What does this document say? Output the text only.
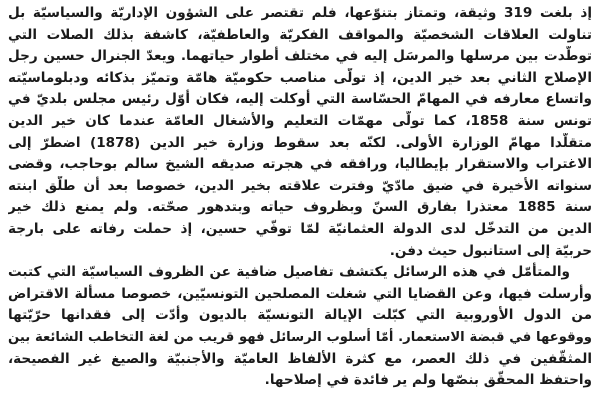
إذ بلغت 319 وثيقة، وتمتاز بتنوّعها، فلم تقتصر على الشؤون الإداريّة والسياسيّة بل
تناولت العلاقات الشخصيّة والمواقف الفكريّة والعاطفيّة، كاشفة بذلك الصلات التي
توطّدت بين مرسلها والمرسَل إليه في مختلف أطوار حياتهما. ويعدّ الجنرال حسين رجل
الإصلاح الثاني بعد خير الدين، إذ تولّى مناصب حكوميّة هامّة وتميّز بذكائه ودبلوماسيّته
واتساع معارفه في المهامّ الحسّاسة التي أوكلت إليه، فكان أوّل رئيس مجلس بلديّ في
تونس سنة 1858، كما تولّى مهمّات التعليم والأشغال العامّة عندما كان خير الدين
متقلّدا مهامّ الوزارة الأولى. لكنّه بعد سقوط وزارة خير الدين (1878) اضطرّ إلى
الاغتراب والاستقرار بإيطاليا، ورافقه في هجرته صديقه الشيخ سالم بوحاجب، وقضى
سنواته الأخيرة في ضيق مادّيّ وفترت علاقته بخير الدين، خصوصا بعد أن طلّق ابنته
سنة 1885 معتذرا بفارق السنّ وبظروف حياته وبتدهور صحّته. ولم يمنع ذلك خير
الدين من التدخّل لدى الدولة العثمانيّة لمّا توفّي حسين، إذ حملت رفاته على بارجة
حربيّة إلى استانبول حيث دفن.
والمتأمّل في هذه الرسائل يكتشف تفاصيل ضافية عن الظروف السياسيّة التي كتبت
وأرسلت فيها، وعن القضايا التي شغلت المصلحين التونسيّين، خصوصا مسألة الاقتراض
من الدول الأوروبية التي كبّلت الإيالة التونسيّة بالديون وأدّت إلى فقدانها حرّيّتها
ووقوعها في قبضة الاستعمار. أمّا أسلوب الرسائل فهو قريب من لغة التخاطب الشائعة بين
المثقّفين في ذلك العصر، مع كثرة الألفاظ العاميّة والأجنبيّة والصيغ غير الفصيحة،
واحتفظ المحقّق بنصّها ولم ير فائدة في إصلاحها.
